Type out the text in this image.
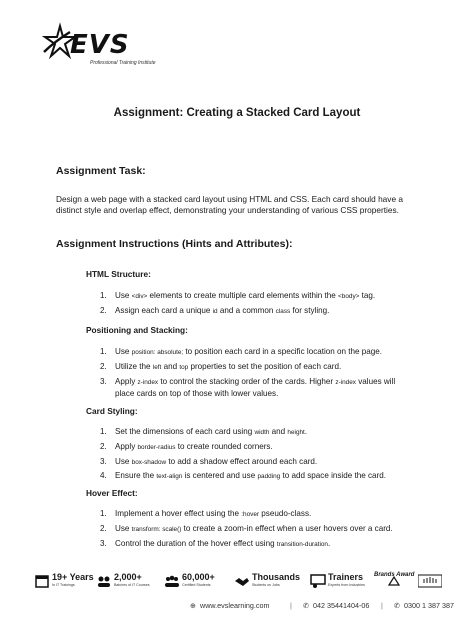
EVS
Professional Training Institute
Assignment: Creating a Stacked Card Layout
Assignment Task:
Design a web page with a stacked card layout using HTML and CSS. Each card should have a distinct style and overlap effect, demonstrating your understanding of various CSS properties.
Assignment Instructions (Hints and Attributes):
HTML Structure:
1. Use <div> elements to create multiple card elements within the <body> tag.
2. Assign each card a unique id and a common class for styling.
Positioning and Stacking:
1. Use position: absolute; to position each card in a specific location on the page.
2. Utilize the left and top properties to set the position of each card.
3. Apply z-index to control the stacking order of the cards. Higher z-index values will place cards on top of those with lower values.
Card Styling:
1. Set the dimensions of each card using width and height.
2. Apply border-radius to create rounded corners.
3. Use box-shadow to add a shadow effect around each card.
4. Ensure the text-align is centered and use padding to add space inside the card.
Hover Effect:
1. Implement a hover effect using the :hover pseudo-class.
2. Use transform: scale() to create a zoom-in effect when a user hovers over a card.
3. Control the duration of the hover effect using transition-duration.
19+ Years
In IT Trainings
2,000+
Batches of IT Courses
60,000+
Certified Students
Thousands
Students on Jobs
Trainers
Experts from Industries
Brands Award
⊕ www.evslearning.com	| ✆ 042 35441404-06 | ✆ 0300 1 387 387
